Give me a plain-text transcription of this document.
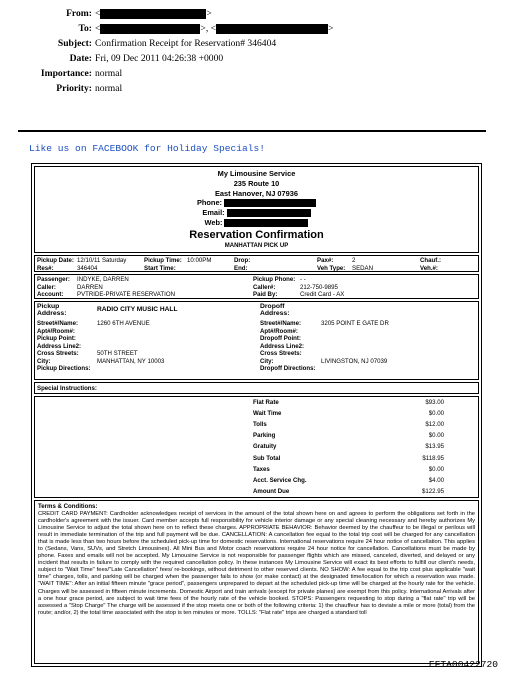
From: <	>
To: <	>, <	>
Subject: Confirmation Receipt for Reservation# 346404
Date: Fri, 09 Dec 2011 04:26:38 +0000
Importance: normal
Priority: normal
Like us on FACEBOOK for Holiday Specials!
My Limousine Service
235 Route 10
East Hanover, NJ 07936
Phone:
Email:
Web:
Reservation Confirmation
MANHATTAN PICK UP
Pickup Date: 12/10/11 Saturday	Pickup Time: 10:00PM	Drop:	Pax#:	2	Chauf.:
Res#:	346404	Start Time:	End:	Veh Type: SEDAN	Veh.#:
Passenger: INDYKE, DARREN	Pickup Phone: - -
Caller:	DARREN	Caller#:	212-750-9895
Account: PVTRIDE-PRIVATE RESERVATION	Paid By:	Credit Card - AX
Pickup
Address:
RADIO CITY MUSIC HALL
Street#/Name:	1260 6TH AVENUE
Apt#/Room#:
Pickup Point:
Address Line2:
Cross Streets:	50TH STREET
City:	MANHATTAN, NY 10003
Pickup Directions:
Dropoff
Address:
Street#/Name:	3205 POINT E GATE DR
Apt#/Room#:
Dropoff Point:
Address Line2:
Cross Streets:
City:	LIVINGSTON, NJ 07039
Dropoff Directions:
Special Instructions:
Flat Rate	$93.00
Wait Time	$0.00
Tolls	$12.00
Parking	$0.00
Gratuity	$13.95
Sub Total	$118.95
Taxes	$0.00
Acct. Service Chg.	$4.00
Amount Due	$122.95
Terms & Conditions:
CREDIT CARD PAYMENT: Cardholder acknowledges receipt of services in the amount of the total shown here on and agrees to perform the obligations set forth in the cardholder's agreement with the issuer. Card member accepts full responsibility for vehicle interior damage or any special cleaning necessary and hereby authorizes My Limousine Service to adjust the total shown here on to reflect these charges. APPROPRIATE BEHAVIOR: Behavior deemed by the chauffeur to be illegal or perilous will result in immediate termination of the trip and full payment will be due. CANCELLATION: A cancellation fee equal to the total trip cost will be charged for any cancellation that is made less than two hours before the scheduled pick-up time for domestic reservations. International reservations require 24 hour notice of cancellation. This applies to (Sedans, Vans, SUVs, and Stretch Limousines). All Mini Bus and Motor coach reservations require 24 hour notice for cancellation. Cancellations must be made by phone. Faxes and emails will not be accepted. My Limousine Service is not responsible for passenger flights which are missed, canceled, diverted, and delayed or any incident that results in failure to comply with the required cancellation policy. In these instances My Limousine Service will exact its best efforts to fulfill our client's needs, subject to "Wait Time" fees/"Late Cancellation" fees/ re-bookings, without detriment to other reserved clients. NO SHOW: A fee equal to the trip cost plus applicable "wait time" charges, tolls, and parking will be charged when the passenger fails to show (or make contact) at the designated time/location for which a reservation was made. "WAIT TIME": After an initial fifteen minute "grace period", passengers unprepared to depart at the scheduled pick-up time will be charged at the hourly rate for the vehicle. Charges will be assessed in fifteen minute increments. Domestic Airport and train arrivals (except for private planes) are exempt from this policy. International Arrivals after a one hour grace period, are subject to wait time fees of the hourly rate of the vehicle booked. STOPS: Passengers requesting to stop during a "flat rate" trip will be assessed a "Stop Charge" The charge will be assessed if the stop meets one or both of the following criteria: 1) the chauffeur has to deviate a mile or more (total) from the route; and/or, 2) the total time associated with the stop is ten minutes or more. TOLLS: "Flat rate" trips are charged a standard toll
EFTA00422720
